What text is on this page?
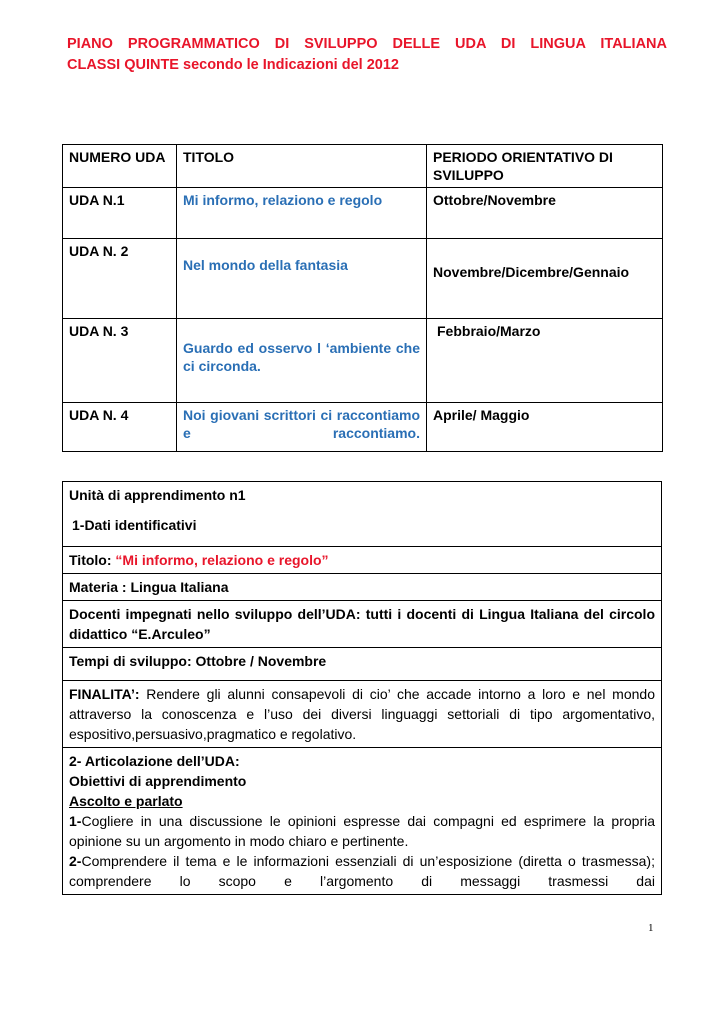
PIANO PROGRAMMATICO DI SVILUPPO DELLE UDA DI LINGUA ITALIANA
CLASSI QUINTE secondo le Indicazioni del 2012
NUMERO UDA	TITOLO	PERIODO ORIENTATIVO DI SVILUPPO
UDA N.1	Mi informo, relaziono e regolo	Ottobre/Novembre
UDA N. 2	Nel mondo della fantasia	Novembre/Dicembre/Gennaio
UDA N. 3	Guardo ed osservo l ‘ambiente che ci circonda.	Febbraio/Marzo
UDA N. 4	Noi giovani scrittori ci raccontiamo e raccontiamo.	Aprile/ Maggio
Unità di apprendimento n1
1-Dati identificativi

Titolo: “Mi informo, relaziono e regolo”
Materia : Lingua Italiana

Docenti impegnati nello sviluppo dell’UDA: tutti i docenti di Lingua Italiana del circolo didattico “E.Arculeo”

Tempi di sviluppo: Ottobre / Novembre

FINALITA’: Rendere gli alunni consapevoli di cio’ che accade intorno a loro e nel mondo attraverso la conoscenza e l’uso dei diversi linguaggi settoriali di tipo argomentativo, espositivo,persuasivo,pragmatico e regolativo.

2- Articolazione dell’UDA:
Obiettivi di apprendimento
Ascolto e parlato

1-Cogliere in una discussione le opinioni espresse dai compagni ed esprimere la propria opinione su un argomento in modo chiaro e pertinente.

2-Comprendere il tema e le informazioni essenziali di un’esposizione (diretta o trasmessa); comprendere lo scopo e l’argomento di messaggi trasmessi dai

1
